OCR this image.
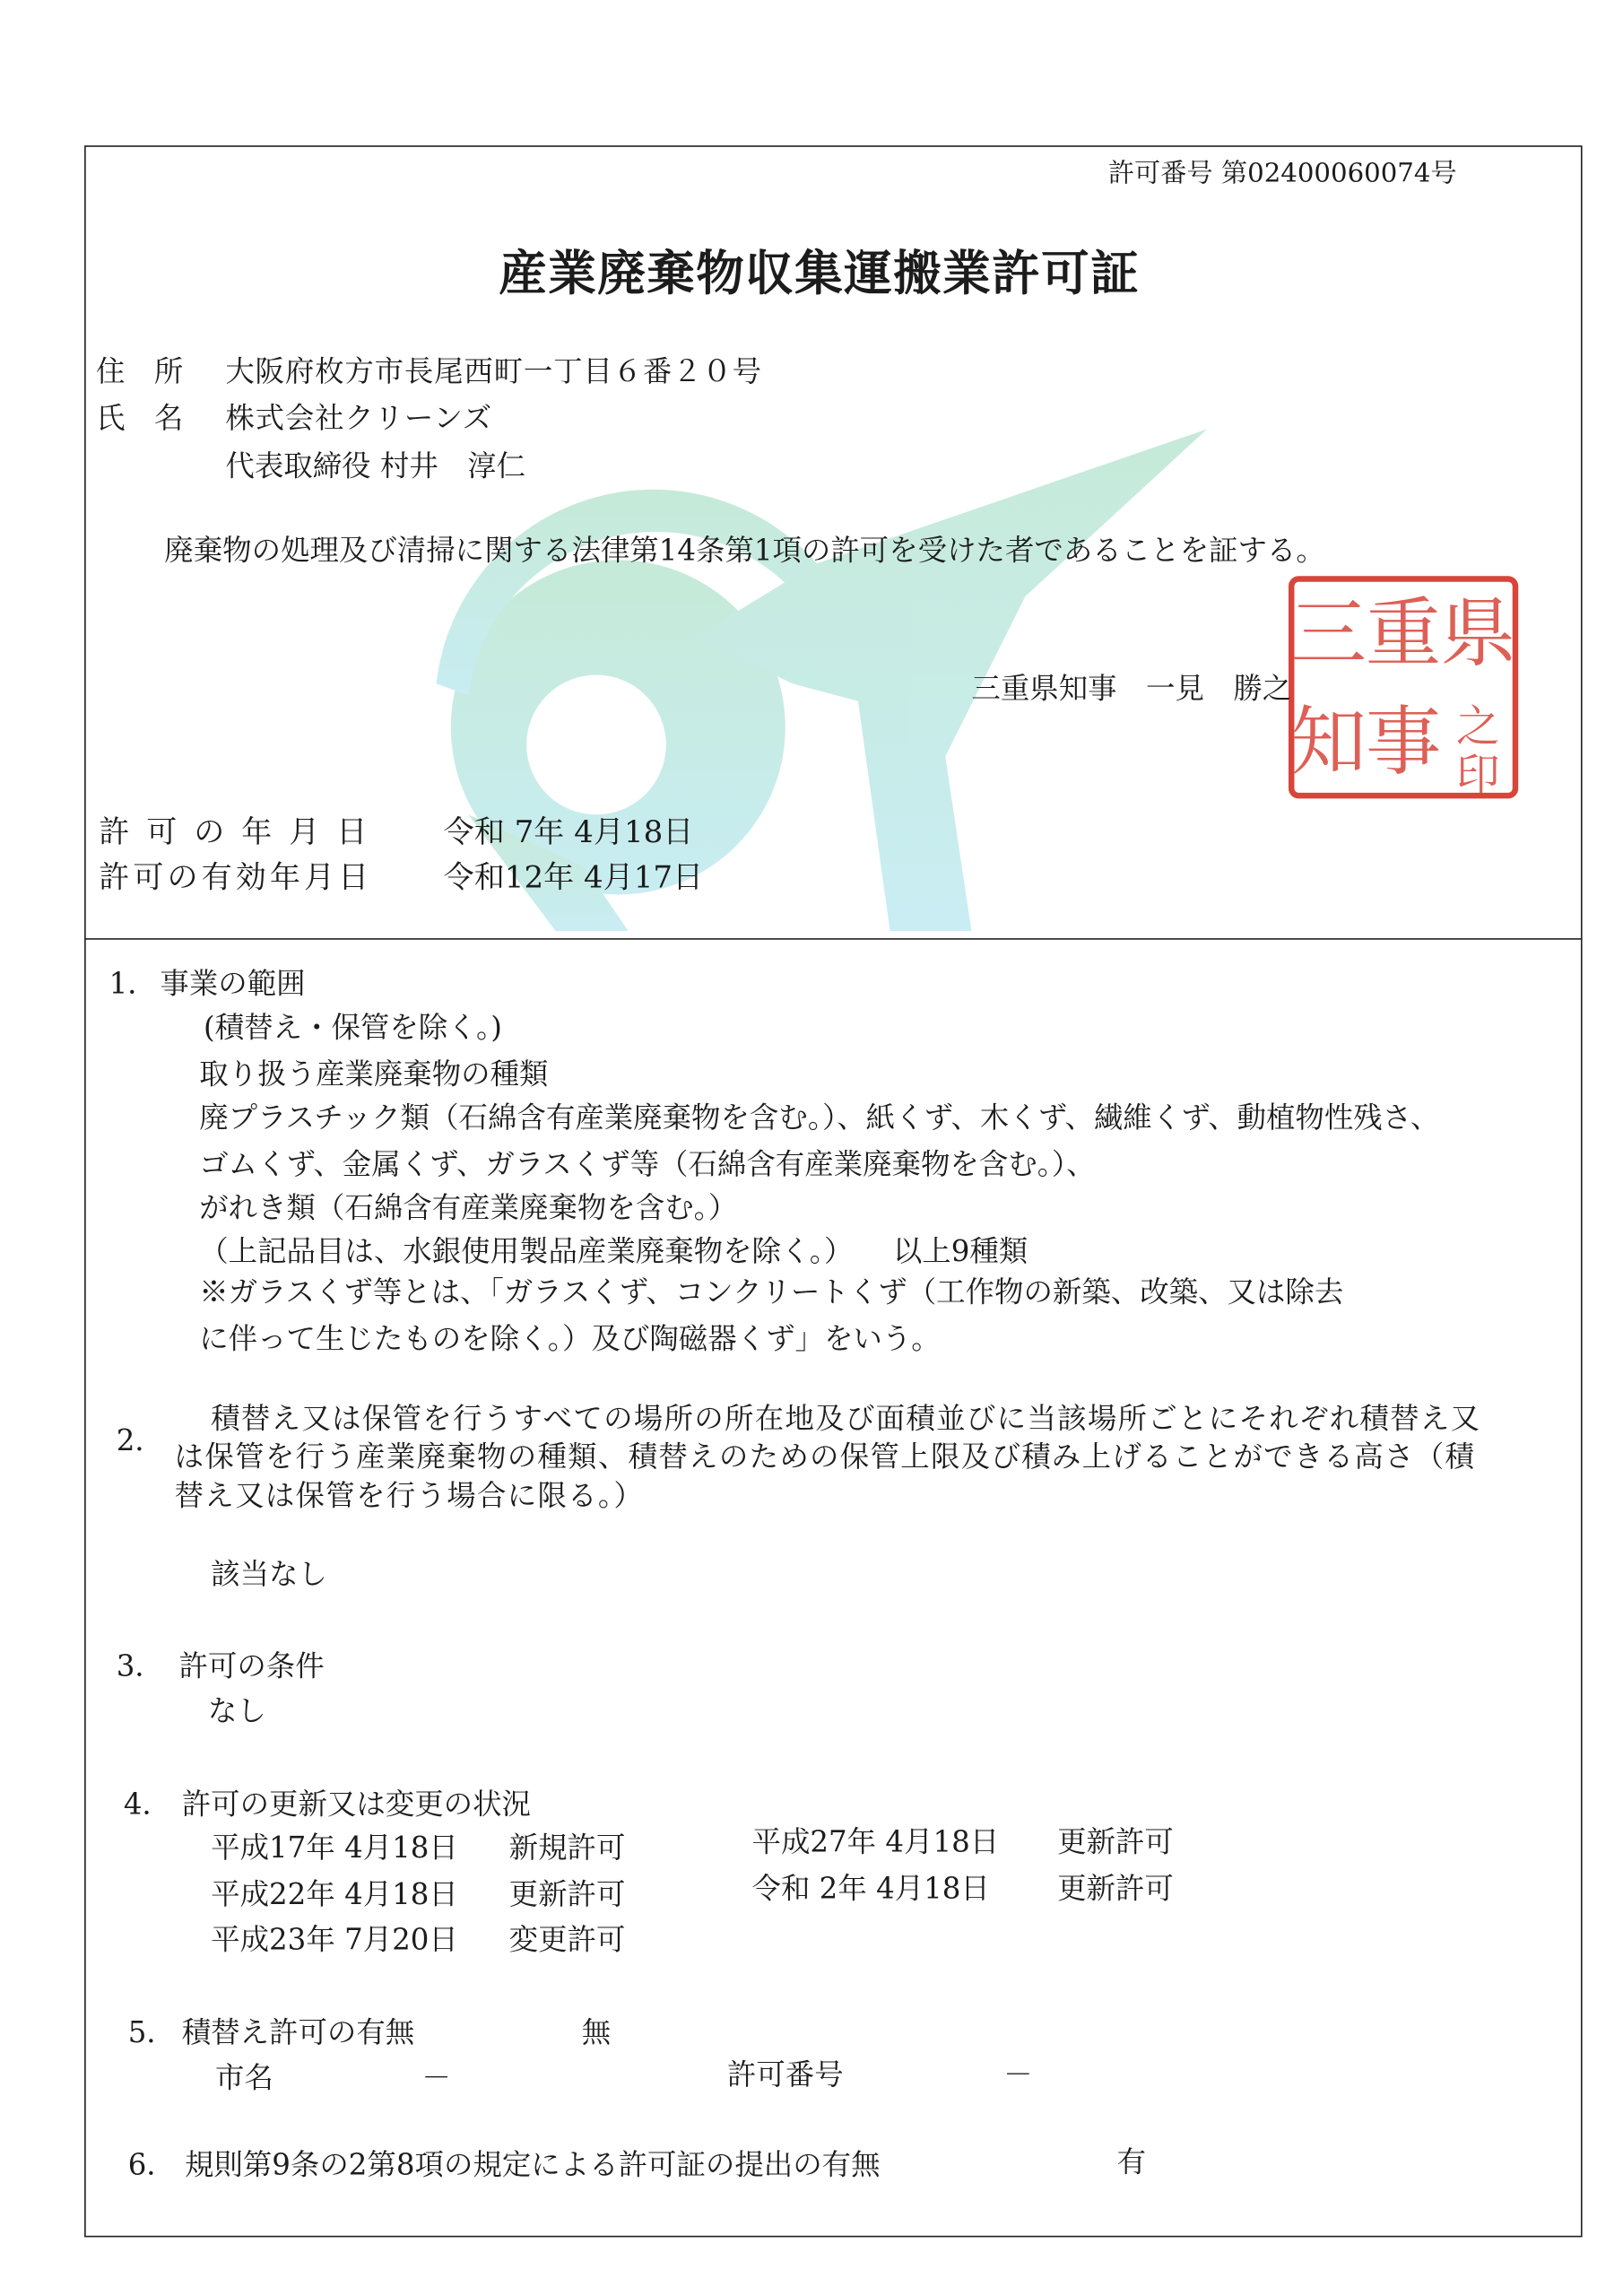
許可番号 第02400060074号
産業廃棄物収集運搬業許可証
住　所 大阪府枚方市長尾西町一丁目６番２０号
氏　名 株式会社クリーンズ
代表取締役 村井　淳仁
廃棄物の処理及び清掃に関する法律第14条第1項の許可を受けた者であることを証する。
三
重
県
知
事 之
印
三重県知事　一見　勝之
許 可 の 年 月 日	令和 7年 4月18日
許可の有効年月日	令和12年 4月17日
1． 事業の範囲
(積替え・保管を除く。)
取り扱う産業廃棄物の種類
廃プラスチック類（石綿含有産業廃棄物を含む。）、紙くず、木くず、繊維くず、動植物性残さ、
ゴムくず、金属くず、ガラスくず等（石綿含有産業廃棄物を含む。）、
がれき類（石綿含有産業廃棄物を含む。）
（上記品目は、水銀使用製品産業廃棄物を除く。） 以上9種類
※ガラスくず等とは、「ガラスくず、コンクリートくず（工作物の新築、改築、又は除去
に伴って生じたものを除く。）及び陶磁器くず」をいう。
2．
積替え又は保管を行うすべての場所の所在地及び面積並びに当該場所ごとにそれぞれ積替え又
は保管を行う産業廃棄物の種類、積替えのための保管上限及び積み上げることができる高さ（積
替え又は保管を行う場合に限る。）
該当なし
3． 許可の条件
なし
4． 許可の更新又は変更の状況
平成17年 4月18日	新規許可
平成22年 4月18日	更新許可
平成23年 7月20日	変更許可
平成27年 4月18日	更新許可
令和 2年 4月18日	更新許可
5． 積替え許可の有無	無
市名	－	許可番号	－
6． 規則第9条の2第8項の規定による許可証の提出の有無	有
